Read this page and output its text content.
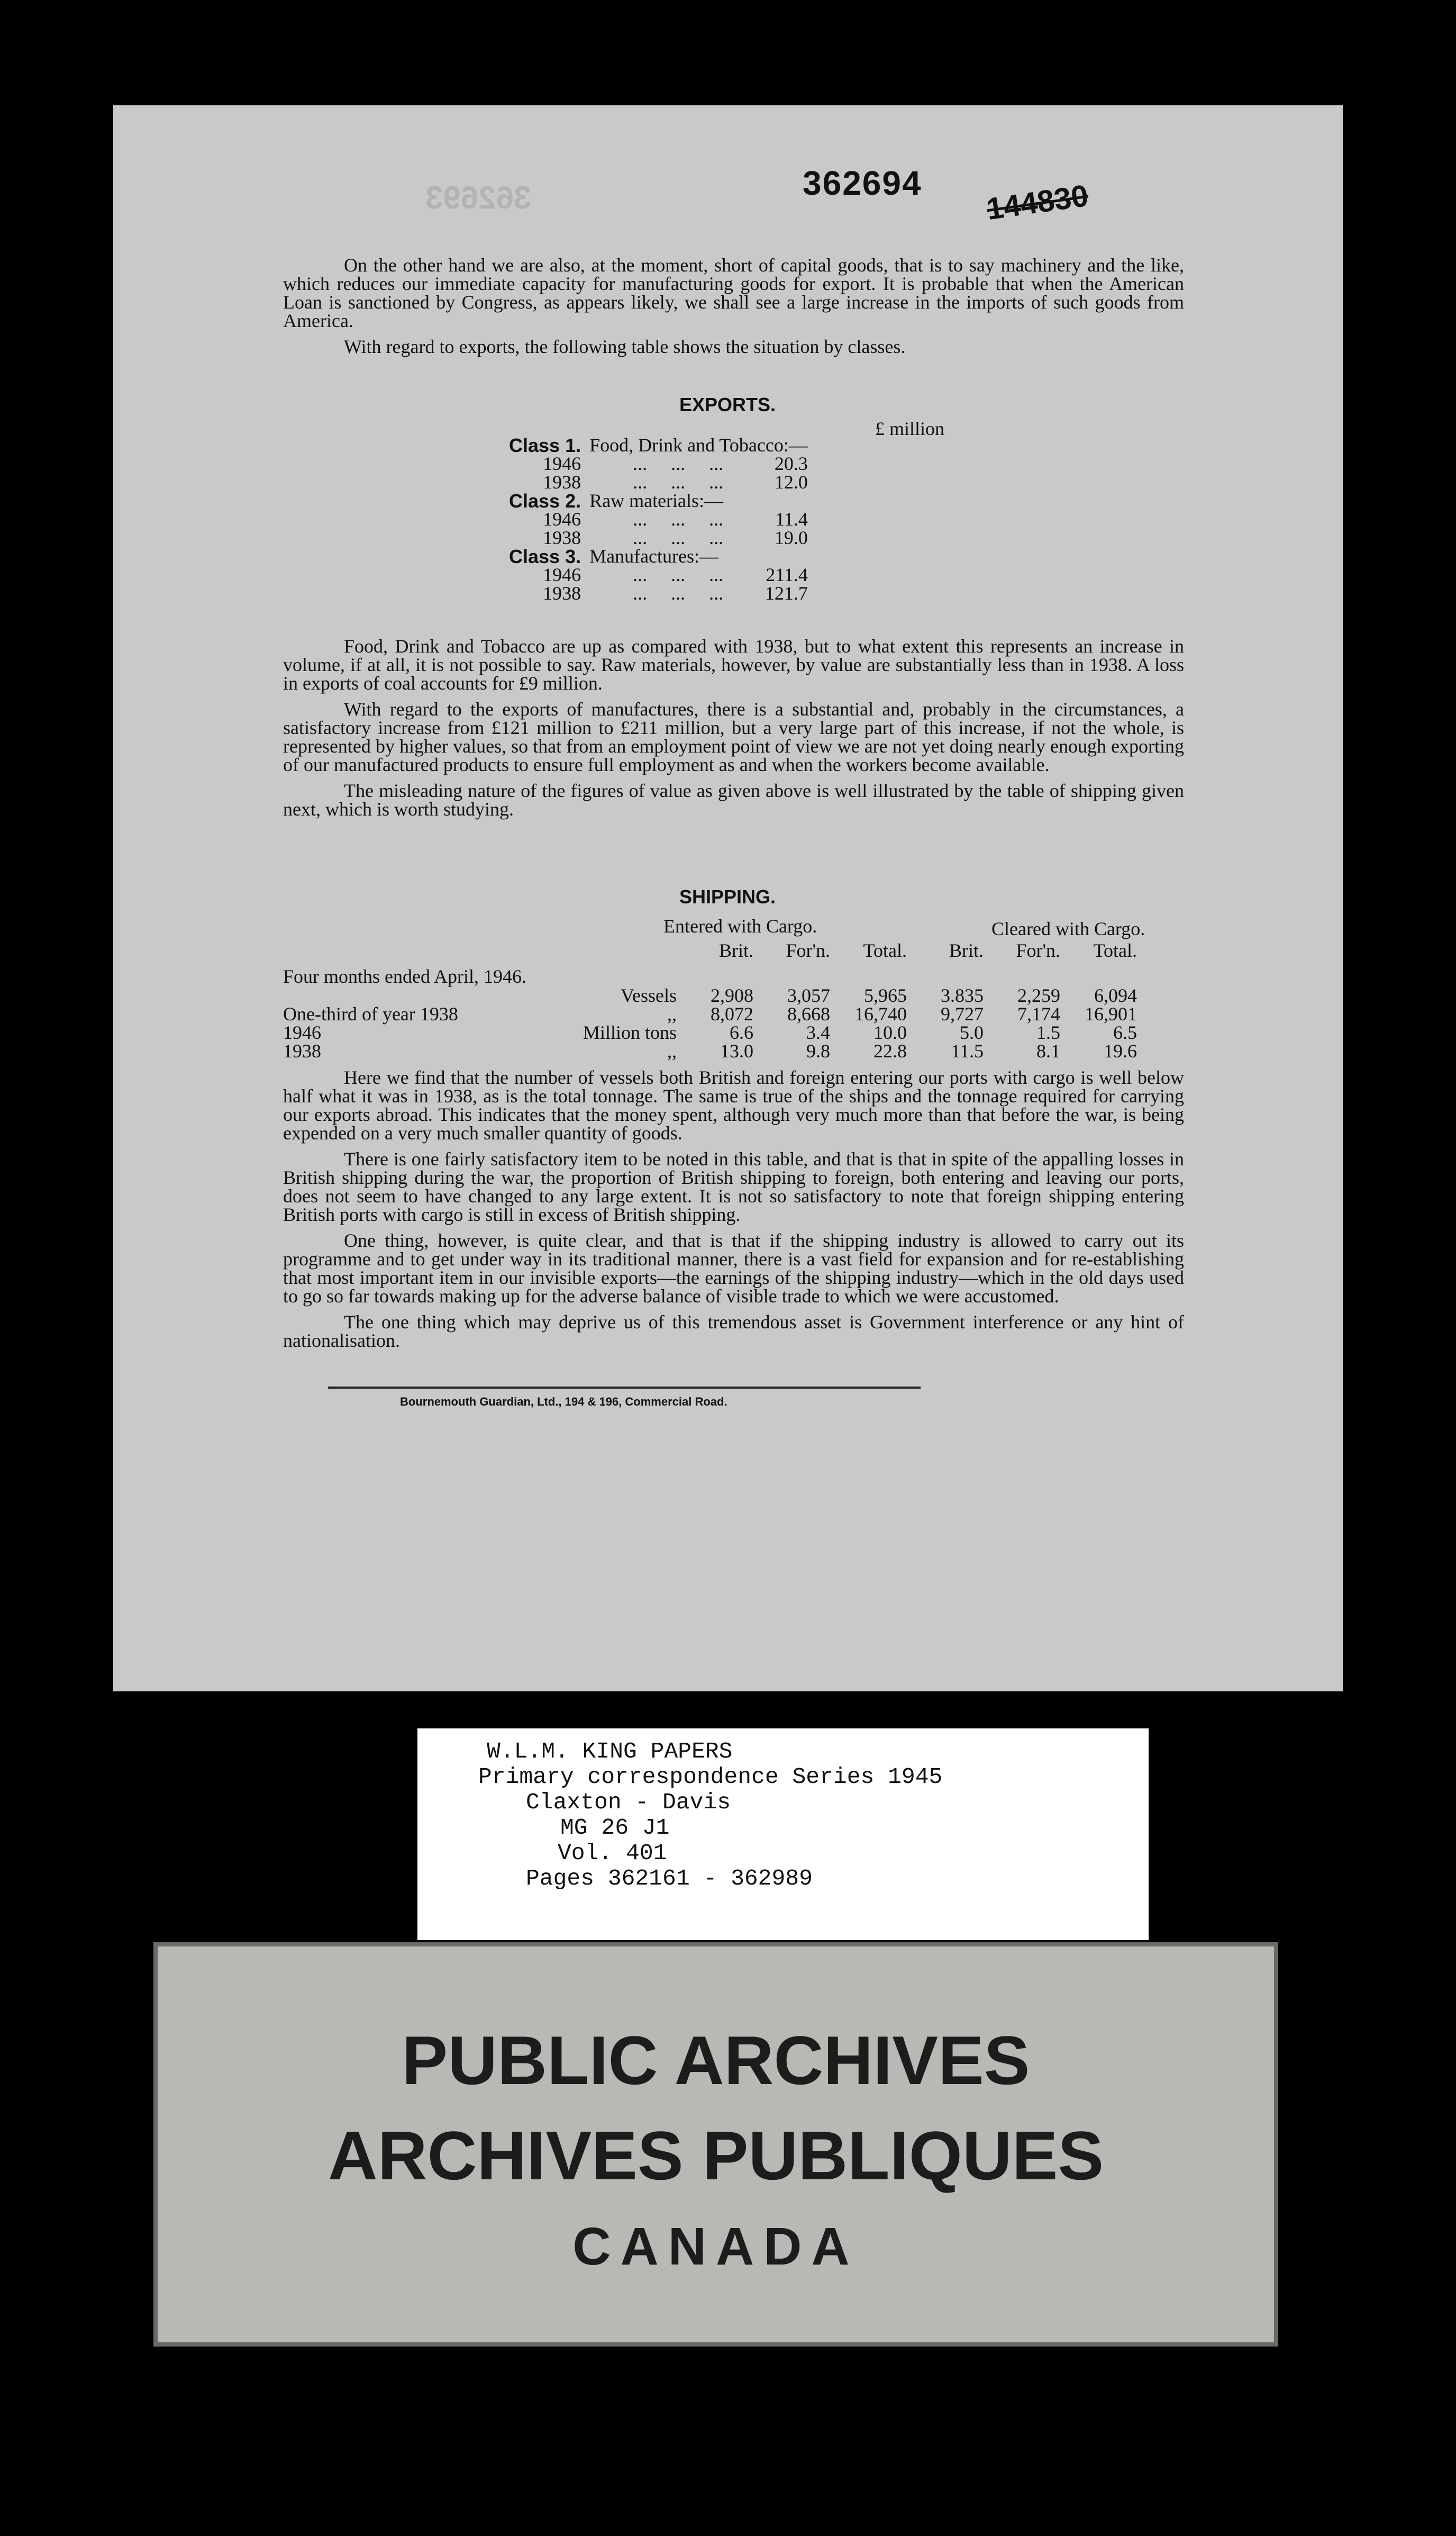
362693	362694 144830

On the other hand we are also, at the moment, short of capital goods, that is to say machinery and the like, which reduces our immediate capacity for manufacturing goods for export. It is probable that when the American Loan is sanctioned by Congress, as appears likely, we shall see a large increase in the imports of such goods from America.

With regard to exports, the following table shows the situation by classes.

EXPORTS.
£ million
Class 1.	Food, Drink and Tobacco:—	
1946	...     ...     ...	20.3
1938	...     ...     ...	12.0
Class 2.	Raw materials:—	
1946	...     ...     ...	11.4
1938	...     ...     ...	19.0
Class 3.	Manufactures:—	
1946	...     ...     ...	211.4
1938	...     ...     ...	121.7

Food, Drink and Tobacco are up as compared with 1938, but to what extent this represents an increase in volume, if at all, it is not possible to say. Raw materials, however, by value are substantially less than in 1938. A loss in exports of coal accounts for £9 million.

With regard to the exports of manufactures, there is a substantial and, probably in the circumstances, a satisfactory increase from £121 million to £211 million, but a very large part of this increase, if not the whole, is represented by higher values, so that from an employment point of view we are not yet doing nearly enough exporting of our manufactured products to ensure full employment as and when the workers become available.

The misleading nature of the figures of value as given above is well illustrated by the table of shipping given next, which is worth studying.

SHIPPING.
Entered with Cargo.	Cleared with Cargo.
Four months ended April, 1946.
		Brit.	For'n.	Total.	Brit.	For'n.	Total.

	Vessels	2,908	3,057	5,965	3.835	2,259	6,094
One-third of year 1938	,,	8,072	8,668	16,740	9,727	7,174	16,901
1946	Million tons	6.6	3.4	10.0	5.0	1.5	6.5
1938	,,	13.0	9.8	22.8	11.5	8.1	19.6

Here we find that the number of vessels both British and foreign entering our ports with cargo is well below half what it was in 1938, as is the total tonnage. The same is true of the ships and the tonnage required for carrying our exports abroad. This indicates that the money spent, although very much more than that before the war, is being expended on a very much smaller quantity of goods.

There is one fairly satisfactory item to be noted in this table, and that is that in spite of the appalling losses in British shipping during the war, the proportion of British shipping to foreign, both entering and leaving our ports, does not seem to have changed to any large extent. It is not so satisfactory to note that foreign shipping entering British ports with cargo is still in excess of British shipping.

One thing, however, is quite clear, and that is that if the shipping industry is allowed to carry out its programme and to get under way in its traditional manner, there is a vast field for expansion and for re-establishing that most important item in our invisible exports—the earnings of the shipping industry—which in the old days used to go so far towards making up for the adverse balance of visible trade to which we were accustomed.

The one thing which may deprive us of this tremendous asset is Government interference or any hint of nationalisation.

Bournemouth Guardian, Ltd., 194 & 196, Commercial Road.
W.L.M. KING PAPERS
Primary correspondence Series 1945
Claxton - Davis
MG 26 J1
Vol. 401
Pages 362161 - 362989
PUBLIC ARCHIVES
ARCHIVES PUBLIQUES
CANADA
